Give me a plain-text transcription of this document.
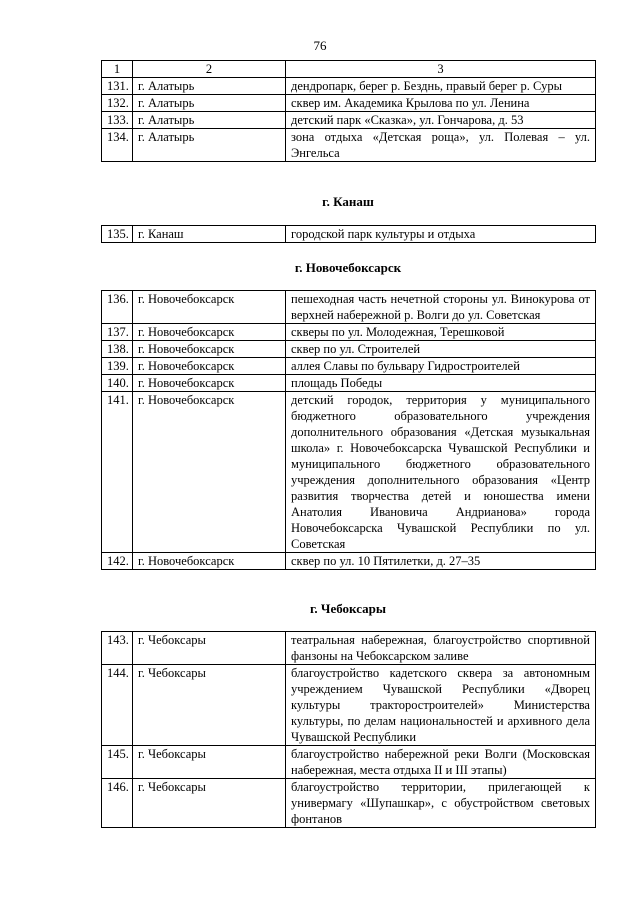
76
1	2	3
131.	г. Алатырь	дендропарк, берег р. Безднь, правый берег р. Суры
132.	г. Алатырь	сквер им. Академика Крылова по ул. Ленина
133.	г. Алатырь	детский парк «Сказка», ул. Гончарова, д. 53
134.	г. Алатырь	зона отдыха «Детская роща», ул. Полевая – ул. Энгельса
г. Канаш
135.	г. Канаш	городской парк культуры и отдыха
г. Новочебоксарск
136.	г. Новочебоксарск	пешеходная часть нечетной стороны ул. Винокурова от верхней набережной р. Волги до ул. Советская
137.	г. Новочебоксарск	скверы по ул. Молодежная, Терешковой
138.	г. Новочебоксарск	сквер по ул. Строителей
139.	г. Новочебоксарск	аллея Славы по бульвару Гидростроителей
140.	г. Новочебоксарск	площадь Победы
141.	г. Новочебоксарск	детский городок, территория у муниципального бюджетного образовательного учреждения дополнительного образования «Детская музыкальная школа» г. Новочебоксарска Чувашской Республики и муниципального бюджетного образовательного учреждения дополнительного образования «Центр развития творчества детей и юношества имени Анатолия Ивановича Андрианова» города Новочебоксарска Чувашской Республики по ул. Советская
142.	г. Новочебоксарск	сквер по ул. 10 Пятилетки, д. 27–35
г. Чебоксары
143.	г. Чебоксары	театральная набережная, благоустройство спортивной фанзоны на Чебоксарском заливе
144.	г. Чебоксары	благоустройство кадетского сквера за автономным учреждением Чувашской Республики «Дворец культуры тракторостроителей» Министерства культуры, по делам национальностей и архивного дела Чувашской Республики
145.	г. Чебоксары	благоустройство набережной реки Волги (Московская набережная, места отдыха II и III этапы)
146.	г. Чебоксары	благоустройство территории, прилегающей к универмагу «Шупашкар», с обустройством световых фонтанов
